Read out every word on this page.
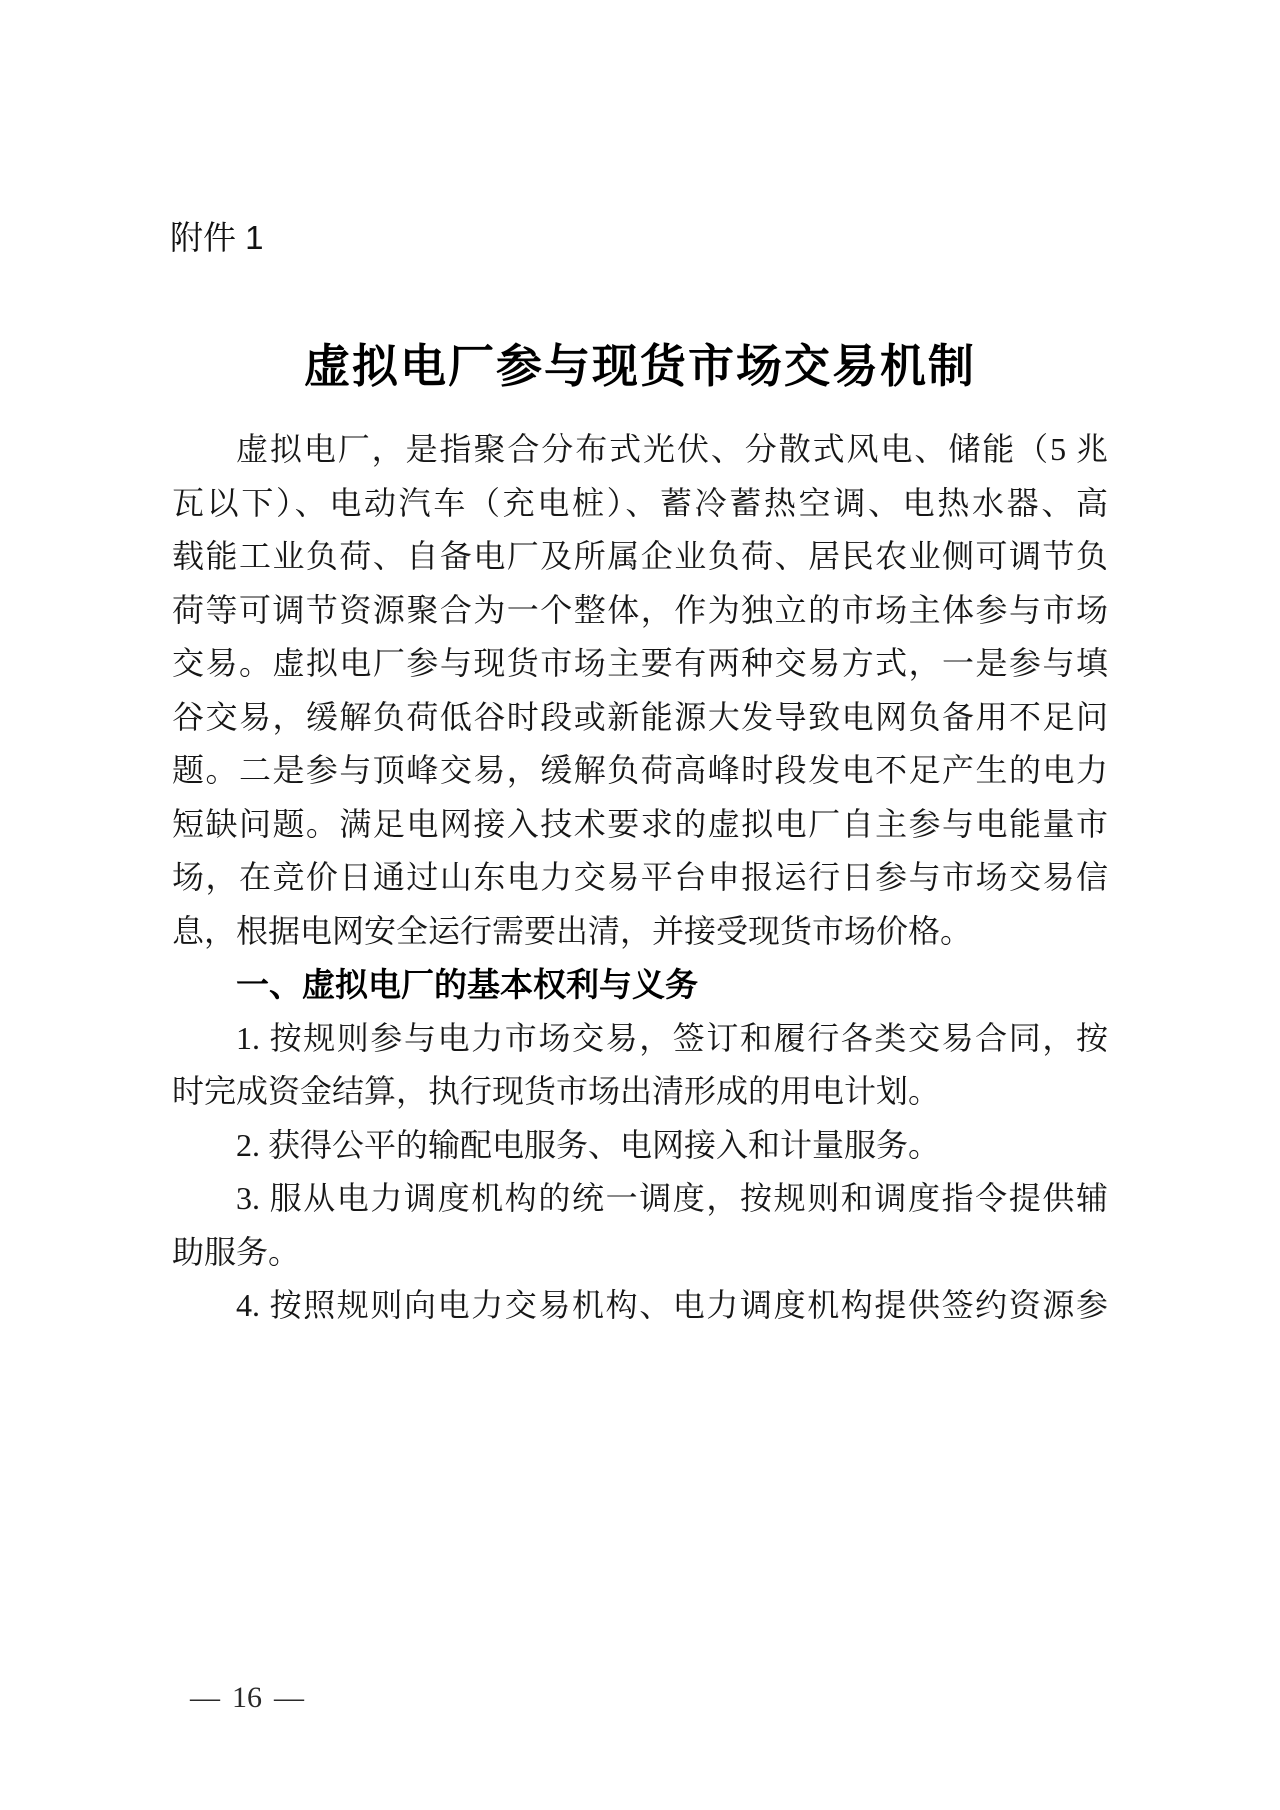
附件 1
虚拟电厂参与现货市场交易机制
虚拟电厂，是指聚合分布式光伏、分散式风电、储能（5 兆
瓦以下）、电动汽车（充电桩）、蓄冷蓄热空调、电热水器、高
载能工业负荷、自备电厂及所属企业负荷、居民农业侧可调节负
荷等可调节资源聚合为一个整体，作为独立的市场主体参与市场
交易。虚拟电厂参与现货市场主要有两种交易方式，一是参与填
谷交易，缓解负荷低谷时段或新能源大发导致电网负备用不足问
题。二是参与顶峰交易，缓解负荷高峰时段发电不足产生的电力
短缺问题。满足电网接入技术要求的虚拟电厂自主参与电能量市
场，在竞价日通过山东电力交易平台申报运行日参与市场交易信
息，根据电网安全运行需要出清，并接受现货市场价格。
一、虚拟电厂的基本权利与义务
1. 按规则参与电力市场交易，签订和履行各类交易合同，按
时完成资金结算，执行现货市场出清形成的用电计划。
2. 获得公平的输配电服务、电网接入和计量服务。
3. 服从电力调度机构的统一调度，按规则和调度指令提供辅
助服务。
4. 按照规则向电力交易机构、电力调度机构提供签约资源参
— 16 —
